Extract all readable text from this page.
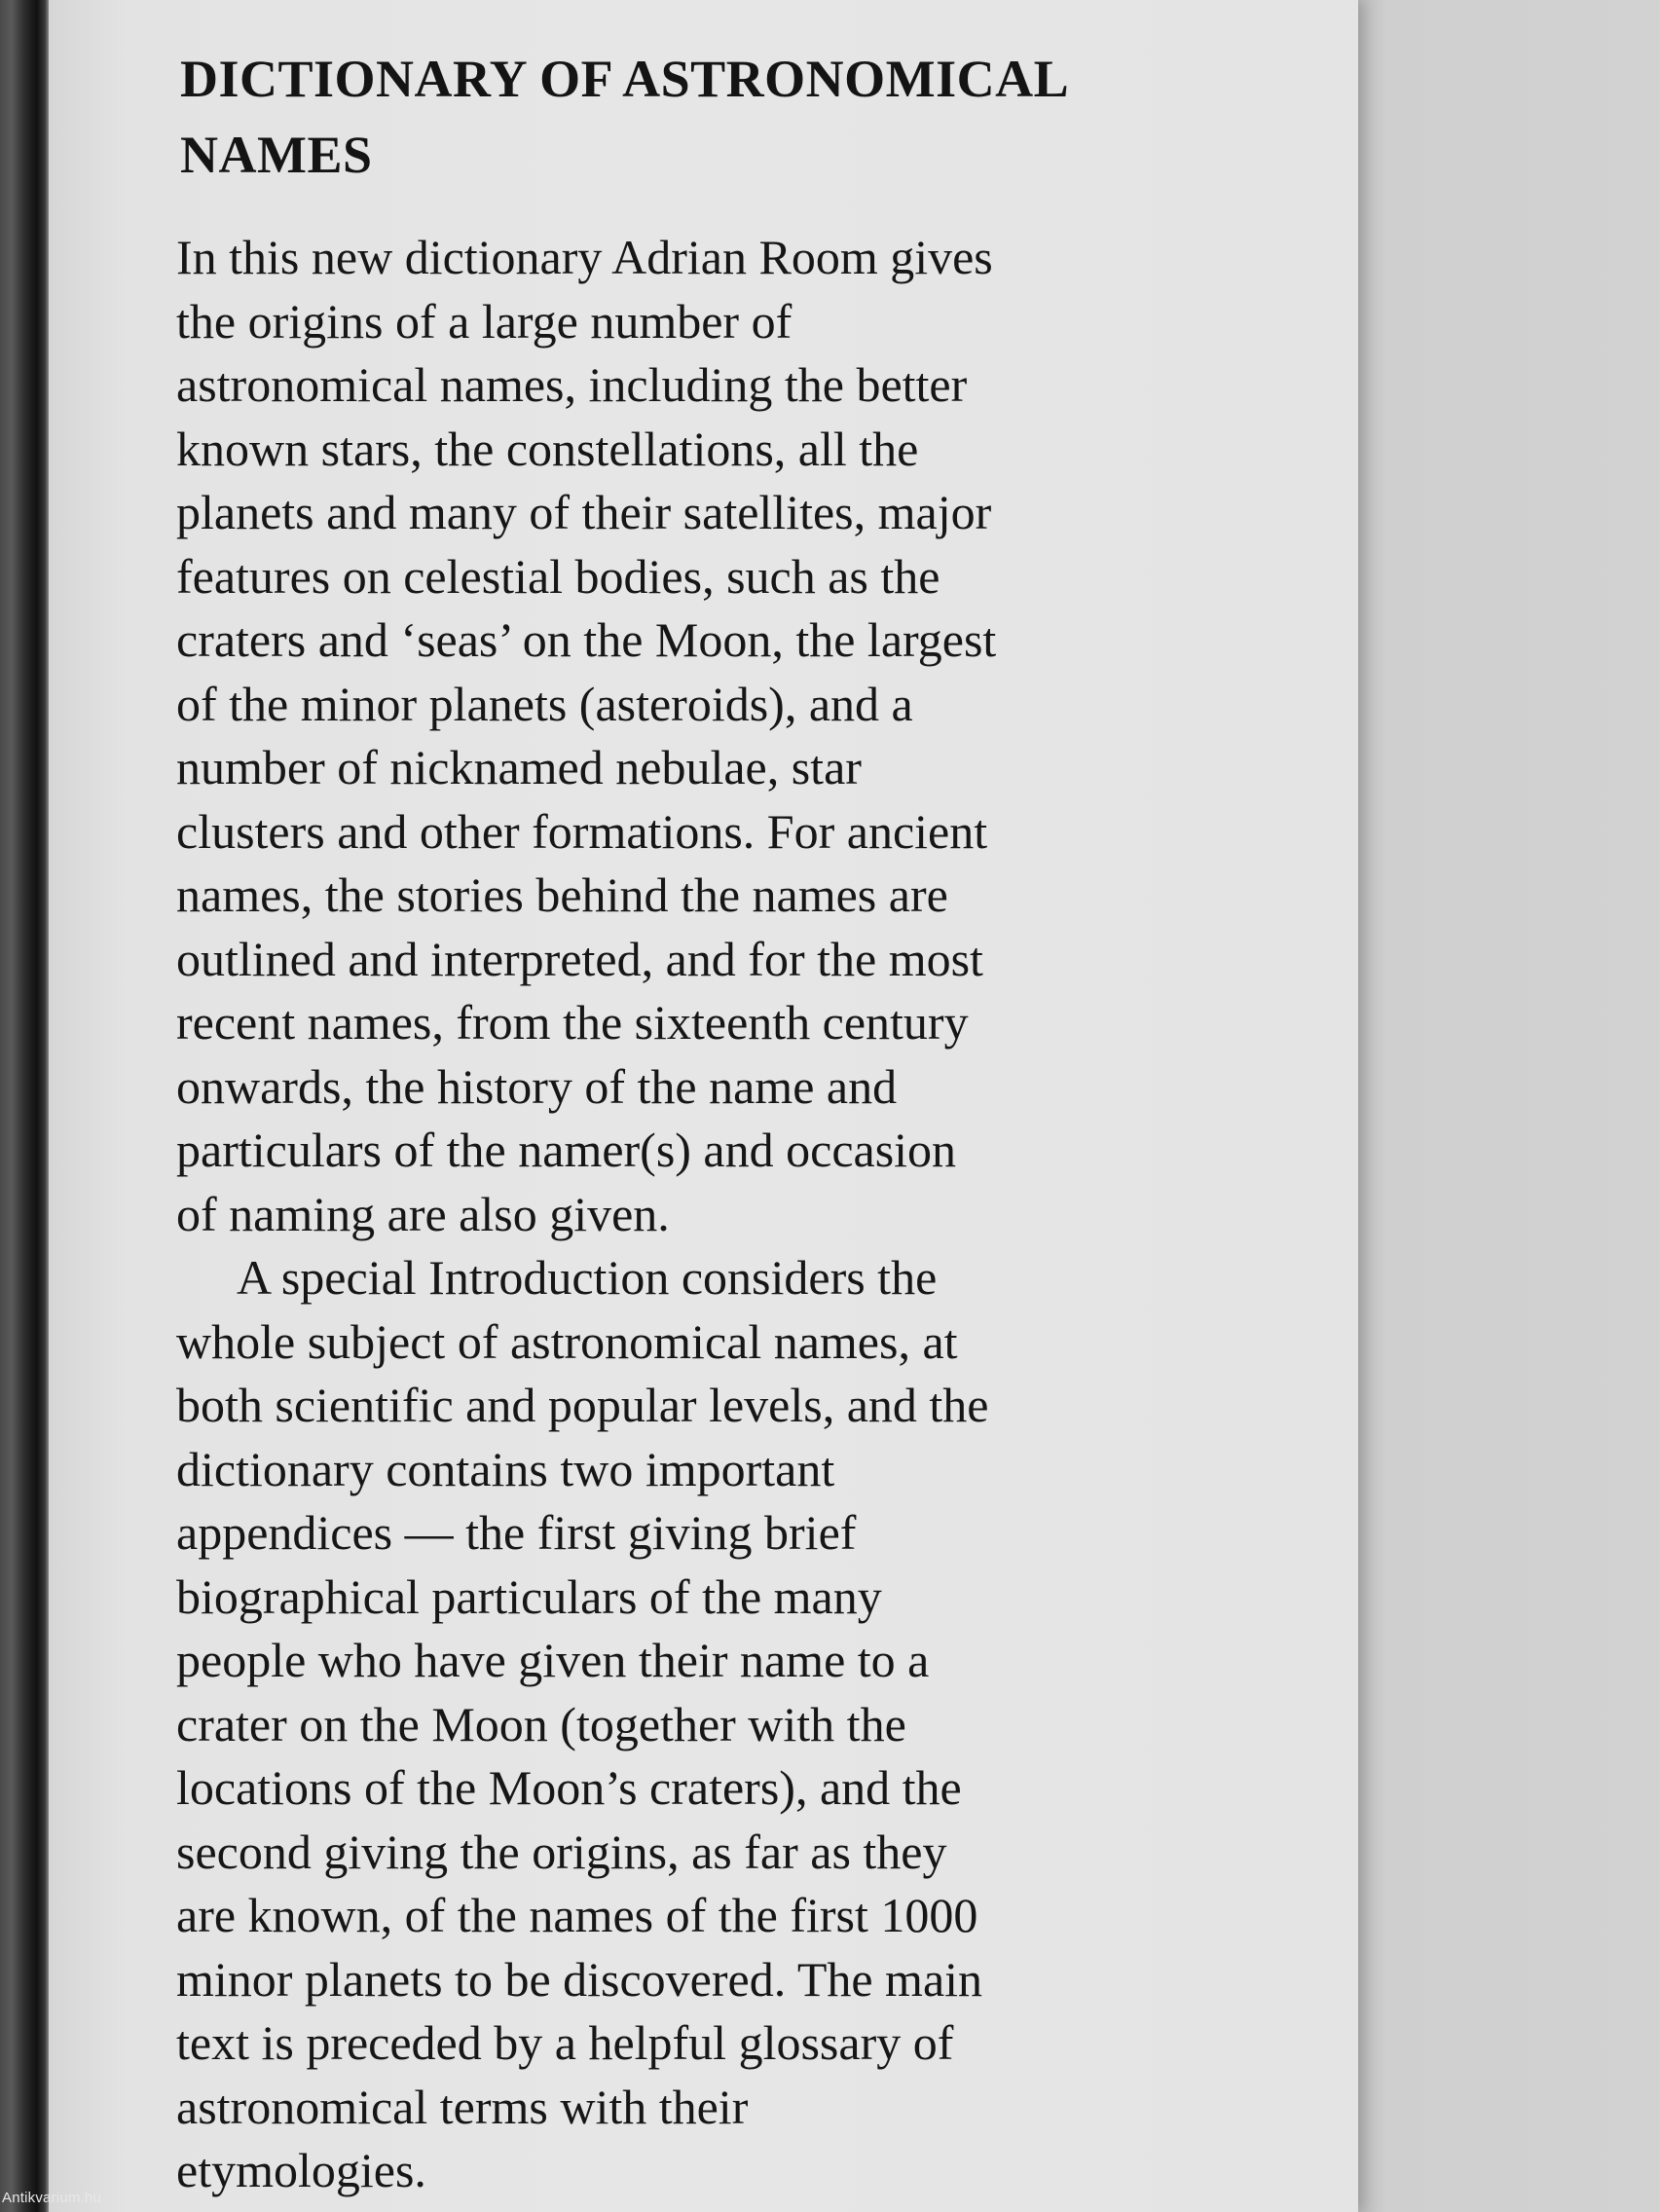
DICTIONARY OF ASTRONOMICAL
NAMES

In this new dictionary Adrian Room gives
the origins of a large number of
astronomical names, including the better
known stars, the constellations, all the
planets and many of their satellites, major
features on celestial bodies, such as the
craters and ‘seas’ on the Moon, the largest
of the minor planets (asteroids), and a
number of nicknamed nebulae, star
clusters and other formations. For ancient
names, the stories behind the names are
outlined and interpreted, and for the most
recent names, from the sixteenth century
onwards, the history of the name and
particulars of the namer(s) and occasion
of naming are also given.

A special Introduction considers the
whole subject of astronomical names, at
both scientific and popular levels, and the
dictionary contains two important
appendices — the first giving brief
biographical particulars of the many
people who have given their name to a
crater on the Moon (together with the
locations of the Moon’s craters), and the
second giving the origins, as far as they
are known, of the names of the first 1000
minor planets to be discovered. The main
text is preceded by a helpful glossary of
astronomical terms with their
etymologies.

Antikvarium.hu
